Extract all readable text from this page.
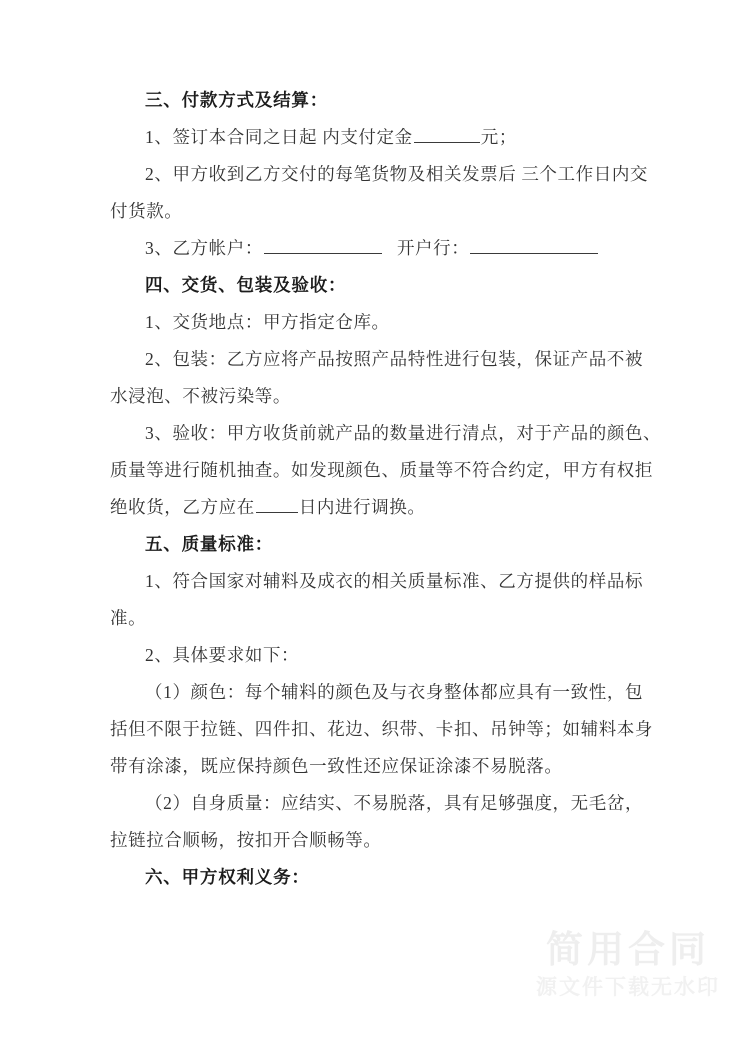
三、付款方式及结算：
1、签订本合同之日起 内支付定金	元；
2、甲方收到乙方交付的每笔货物及相关发票后 三个工作日内交
付货款。
3、乙方帐户：	开户行：
四、交货、包装及验收：
1、交货地点：甲方指定仓库。
2、包装：乙方应将产品按照产品特性进行包装，保证产品不被
水浸泡、不被污染等。
3、验收：甲方收货前就产品的数量进行清点，对于产品的颜色、
质量等进行随机抽查。如发现颜色、质量等不符合约定，甲方有权拒
绝收货，乙方应在	日内进行调换。
五、质量标准：
1、符合国家对辅料及成衣的相关质量标准、乙方提供的样品标
准。
2、具体要求如下：
（1）颜色：每个辅料的颜色及与衣身整体都应具有一致性，包
括但不限于拉链、四件扣、花边、织带、卡扣、吊钟等；如辅料本身
带有涂漆，既应保持颜色一致性还应保证涂漆不易脱落。
（2）自身质量：应结实、不易脱落，具有足够强度，无毛岔，
拉链拉合顺畅，按扣开合顺畅等。
六、甲方权利义务：
简用合同
源文件下载无水印
